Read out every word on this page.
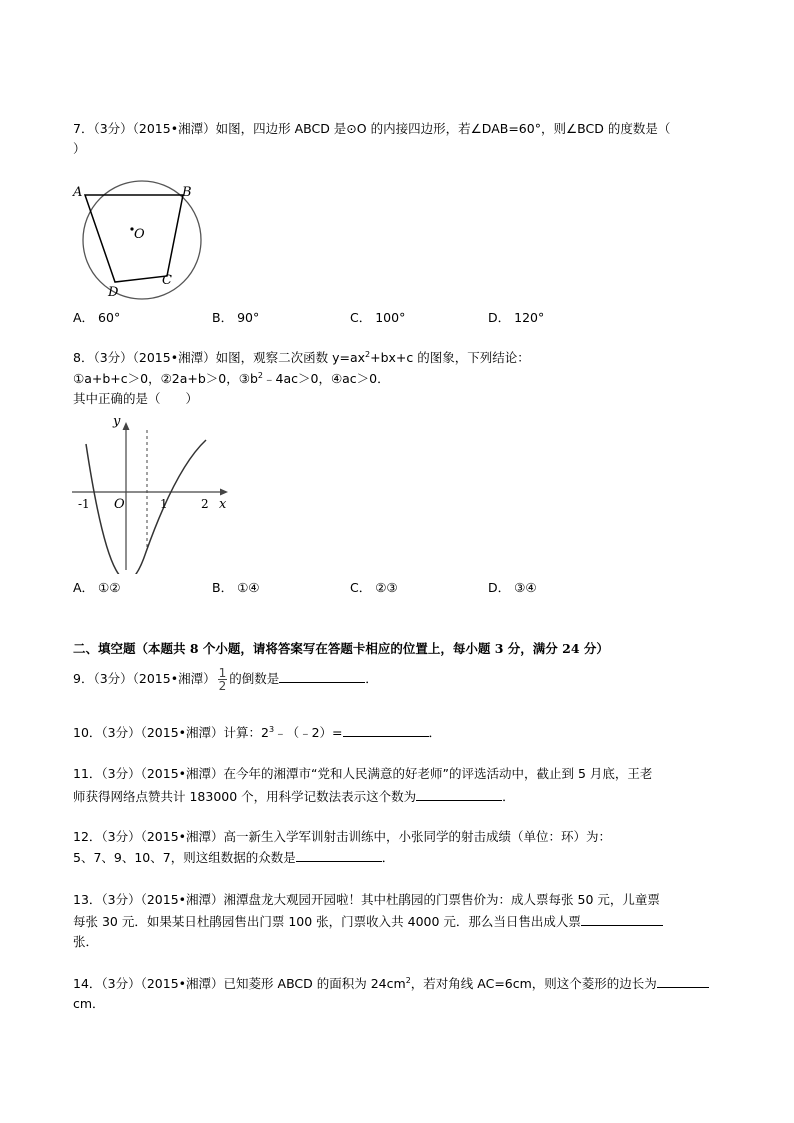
7．（3分）（2015•湘潭）如图，四边形 ABCD 是⊙O 的内接四边形，若∠DAB=60°，则∠BCD 的度数是（
）
A	B
C
D
O
A． 60°	B． 90°	C． 100°	D． 120°
8．（3分）（2015•湘潭）如图，观察二次函数 $y=ax^2+bx+c$ 的图象，下列结论：
①a+b+c＞0，②2a+b＞0，$③b^2﹣4ac>0$，④ac＞0．
其中正确的是（　　）
y
x
O
-1	1	2
A． ①②	B． ①④	C． ②③	D． ③④
二、填空题（本题共 8 个小题，请将答案写在答题卡相应的位置上，每小题 3 分，满分 24 分）
9．（3分）（2015•湘潭） $\frac{1}{2}$ 的倒数是	．
10．（3分）（2015•湘潭）计算：$2^3﹣(﹣2)=$	．
11．（3分）（2015•湘潭）在今年的湘潭市“党和人民满意的好老师”的评选活动中，截止到 5 月底，王老
师获得网络点赞共计 183000 个，用科学记数法表示这个数为	．
12．（3分）（2015•湘潭）高一新生入学军训射击训练中，小张同学的射击成绩（单位：环）为：
5、7、9、10、7，则这组数据的众数是	．
13．（3分）（2015•湘潭）湘潭盘龙大观园开园啦！其中杜鹃园的门票售价为：成人票每张 50 元，儿童票
每张 30 元．如果某日杜鹃园售出门票 100 张，门票收入共 4000 元．那么当日售出成人票
张．
14．（3分）（2015•湘潭）已知菱形 ABCD 的面积为 $24cm^2$，若对角线 AC=6cm，则这个菱形的边长为
cm．
